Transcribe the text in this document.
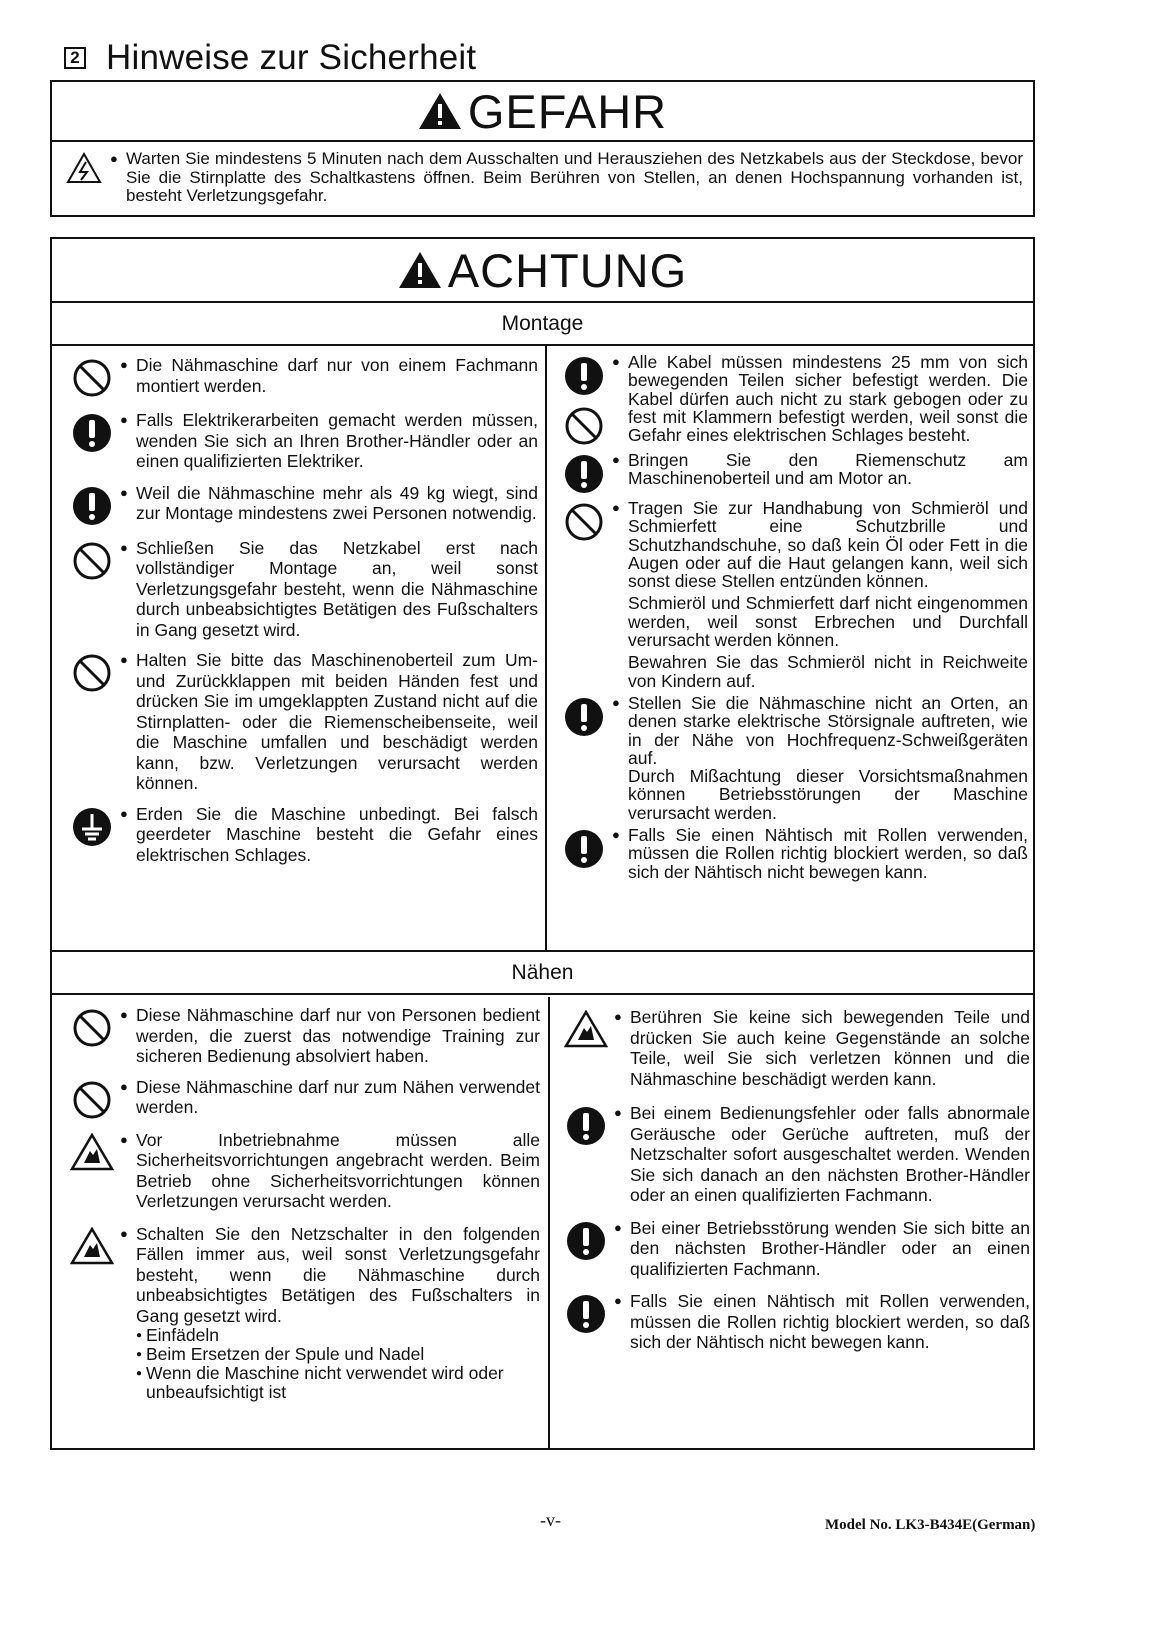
2 Hinweise zur Sicherheit
GEFAHR
● Warten Sie mindestens 5 Minuten nach dem Ausschalten und Herausziehen des Netzkabels aus der Steckdose, bevor Sie die Stirnplatte des Schaltkastens öffnen. Beim Berühren von Stellen, an denen Hochspannung vorhanden ist, besteht Verletzungsgefahr.
ACHTUNG
Montage
Nähen
● Die Nähmaschine darf nur von einem Fachmann montiert werden.
● Falls Elektrikerarbeiten gemacht werden müssen, wenden Sie sich an Ihren Brother-Händler oder an einen qualifizierten Elektriker.
● Weil die Nähmaschine mehr als 49 kg wiegt, sind zur Montage mindestens zwei Personen notwendig.
● Schließen Sie das Netzkabel erst nach vollständiger Montage an, weil sonst Verletzungsgefahr besteht, wenn die Nähmaschine durch unbeabsichtigtes Betätigen des Fußschalters in Gang gesetzt wird.
● Halten Sie bitte das Maschinenoberteil zum Um- und Zurückklappen mit beiden Händen fest und drücken Sie im umgeklappten Zustand nicht auf die Stirnplatten- oder die Riemenscheibenseite, weil die Maschine umfallen und beschädigt werden kann, bzw. Verletzungen verursacht werden können.
● Erden Sie die Maschine unbedingt. Bei falsch geerdeter Maschine besteht die Gefahr eines elektrischen Schlages.
● Alle Kabel müssen mindestens 25 mm von sich bewegenden Teilen sicher befestigt werden. Die Kabel dürfen auch nicht zu stark gebogen oder zu fest mit Klammern befestigt werden, weil sonst die Gefahr eines elektrischen Schlages besteht.
● Bringen Sie den Riemenschutz am Maschinenoberteil und am Motor an.
● Tragen Sie zur Handhabung von Schmieröl und Schmierfett eine Schutzbrille und Schutzhandschuhe, so daß kein Öl oder Fett in die Augen oder auf die Haut gelangen kann, weil sich sonst diese Stellen entzünden können.
Schmieröl und Schmierfett darf nicht eingenommen werden, weil sonst Erbrechen und Durchfall verursacht werden können.
Bewahren Sie das Schmieröl nicht in Reichweite von Kindern auf.
● Stellen Sie die Nähmaschine nicht an Orten, an denen starke elektrische Störsignale auftreten, wie in der Nähe von Hochfrequenz-Schweißgeräten auf.
Durch Mißachtung dieser Vorsichtsmaßnahmen können Betriebsstörungen der Maschine verursacht werden.
● Falls Sie einen Nähtisch mit Rollen verwenden, müssen die Rollen richtig blockiert werden, so daß sich der Nähtisch nicht bewegen kann.
● Diese Nähmaschine darf nur von Personen bedient werden, die zuerst das notwendige Training zur sicheren Bedienung absolviert haben.
● Diese Nähmaschine darf nur zum Nähen verwendet werden.
● Vor Inbetriebnahme müssen alle Sicherheitsvorrichtungen angebracht werden. Beim Betrieb ohne Sicherheitsvorrichtungen können Verletzungen verursacht werden.
● Schalten Sie den Netzschalter in den folgenden Fällen immer aus, weil sonst Verletzungsgefahr besteht, wenn die Nähmaschine durch unbeabsichtigtes Betätigen des Fußschalters in Gang gesetzt wird.
● Einfädeln
● Beim Ersetzen der Spule und Nadel
● Wenn die Maschine nicht verwendet wird oder unbeaufsichtigt ist
● Berühren Sie keine sich bewegenden Teile und drücken Sie auch keine Gegenstände an solche Teile, weil Sie sich verletzen können und die Nähmaschine beschädigt werden kann.
● Bei einem Bedienungsfehler oder falls abnormale Geräusche oder Gerüche auftreten, muß der Netzschalter sofort ausgeschaltet werden. Wenden Sie sich danach an den nächsten Brother-Händler oder an einen qualifizierten Fachmann.
● Bei einer Betriebsstörung wenden Sie sich bitte an den nächsten Brother-Händler oder an einen qualifizierten Fachmann.
● Falls Sie einen Nähtisch mit Rollen verwenden, müssen die Rollen richtig blockiert werden, so daß sich der Nähtisch nicht bewegen kann.
-v-	Model No. LK3-B434E(German)
